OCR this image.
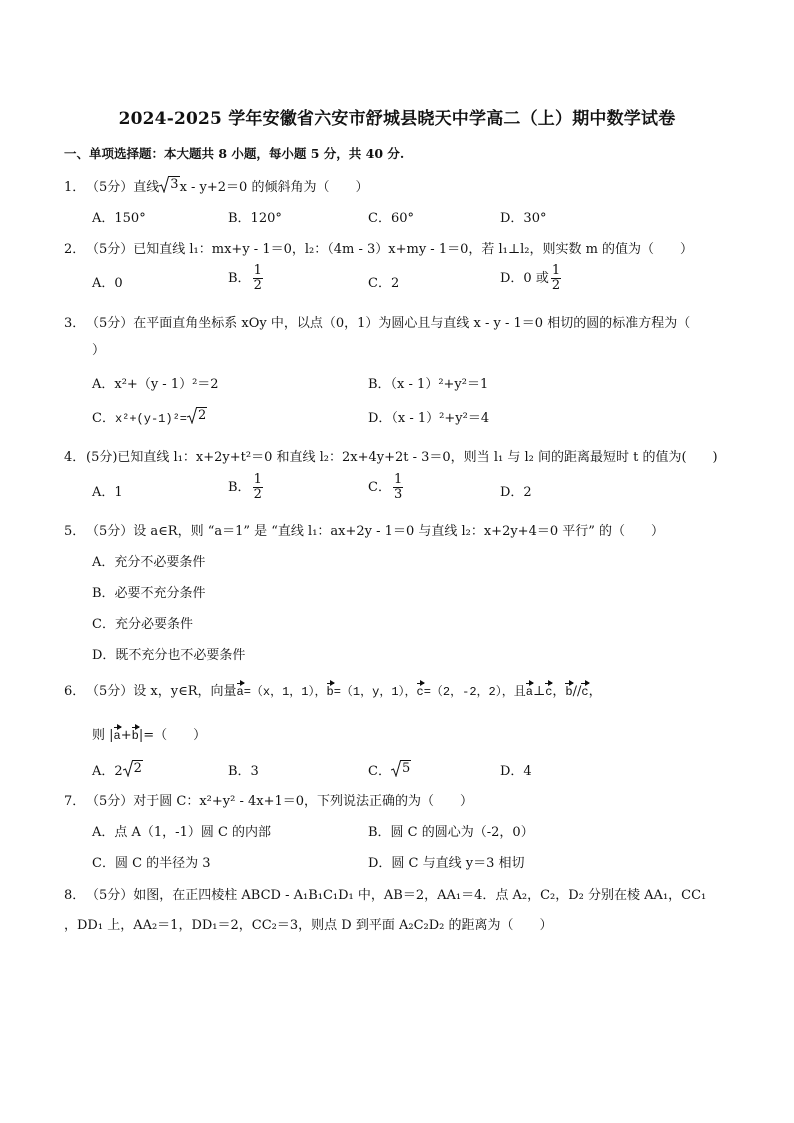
2024-2025 学年安徽省六安市舒城县晓天中学高二（上）期中数学试卷
一、单项选择题：本大题共 8 小题，每小题 5 分，共 40 分.
1．（5分）直线 3 x - y+2＝0 的倾斜角为（　　）
A．150°	B．120°	C．60°	D．30°
2．（5分）已知直线 l₁：mx+y - 1＝0，l₂：（4m - 3）x+my - 1＝0，若 l₁⊥l₂，则实数 m 的值为（　　）
A．0	B． $\frac{1}{2}$	C．2	D．0 或 $\frac{1}{2}$
3．（5分）在平面直角坐标系 xOy 中，以点（0，1）为圆心且与直线 x - y - 1＝0 相切的圆的标准方程为（
）
A．x²+（y - 1）²＝2	B．（x - 1）²+y²＝1
C．x²+(y-1)²= 2	D．（x - 1）²+y²＝4
4．(5分)已知直线 l₁：x+2y+t²＝0 和直线 l₂：2x+4y+2t - 3＝0，则当 l₁ 与 l₂ 间的距离最短时 t 的值为(　　)
A．1	B． $\frac{1}{2}$	C． $\frac{1}{3}$	D．2
5．（5分）设 a∈R，则 “a＝1” 是 “直线 l₁：ax+2y - 1＝0 与直线 l₂：x+2y+4＝0 平行” 的（　　）
A．充分不必要条件
B．必要不充分条件
C．充分必要条件
D．既不充分也不必要条件
6．（5分）设 x，y∈R，向量a=（x，1，1），b=（1，y，1），c=（2，-2，2），且a⊥c，b//c，
则 |a+b|=（　　）
A．2 2	B．3	C． 5	D．4
7．（5分）对于圆 C：x²+y² - 4x+1＝0，下列说法正确的为（　　）
A．点 A（1，-1）圆 C 的内部	B．圆 C 的圆心为（-2，0）
C．圆 C 的半径为 3	D．圆 C 与直线 y＝3 相切
8．（5分）如图，在正四棱柱 ABCD - A₁B₁C₁D₁ 中，AB＝2，AA₁＝4．点 A₂，C₂，D₂ 分别在棱 AA₁，CC₁
，DD₁ 上，AA₂＝1，DD₁＝2，CC₂＝3，则点 D 到平面 A₂C₂D₂ 的距离为（　　）
